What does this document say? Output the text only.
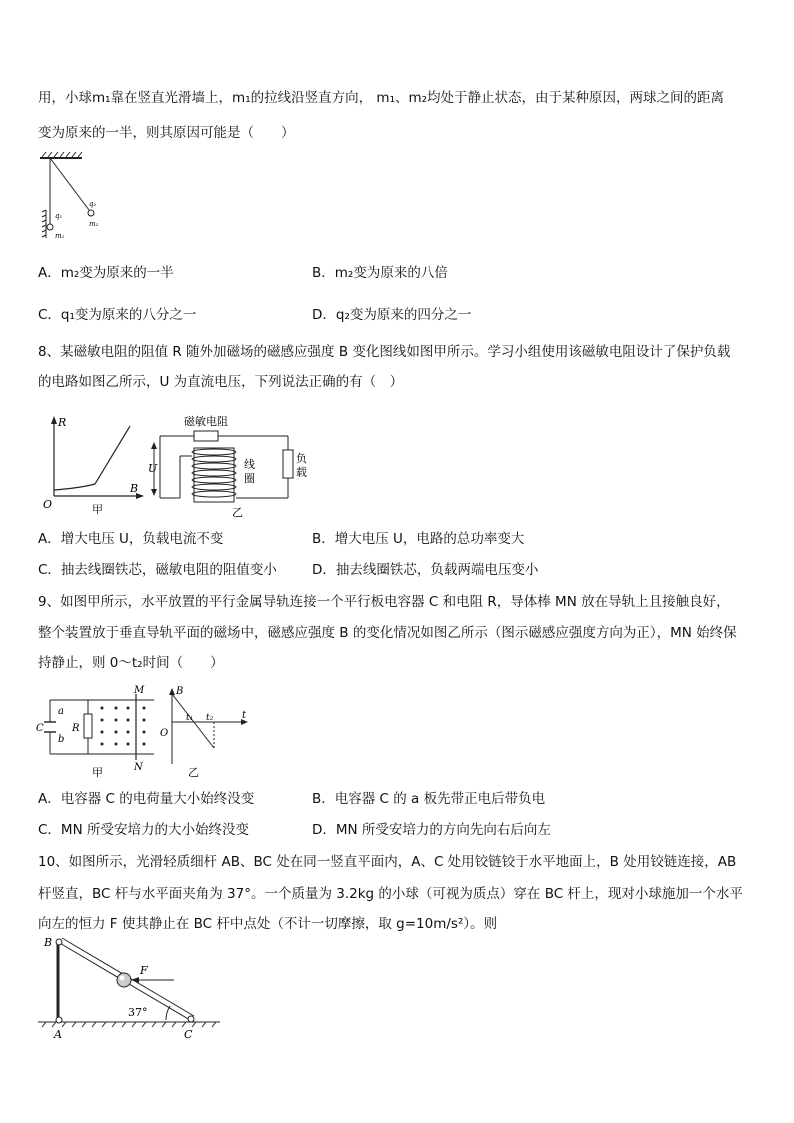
用，小球m₁靠在竖直光滑墙上，m₁的拉线沿竖直方向， m₁、m₂均处于静止状态，由于某种原因，两球之间的距离
变为原来的一半，则其原因可能是（　　）
q₁
m₁
q₂
m₂
A．m₂变为原来的一半	B．m₂变为原来的八倍
C．q₁变为原来的八分之一	D．q₂变为原来的四分之一
8、某磁敏电阻的阻值 R 随外加磁场的磁感应强度 B 变化图线如图甲所示。学习小组使用该磁敏电阻设计了保护负载
的电路如图乙所示，U 为直流电压，下列说法正确的有（　）
R
B
O	甲
磁敏电阻
负
载
U	线
圈
乙
A．增大电压 U，负载电流不变	B．增大电压 U，电路的总功率变大
C．抽去线圈铁芯，磁敏电阻的阻值变小	D．抽去线圈铁芯，负载两端电压变小
9、如图甲所示，水平放置的平行金属导轨连接一个平行板电容器 C 和电阻 R，导体棒 MN 放在导轨上且接触良好，
整个装置放于垂直导轨平面的磁场中，磁感应强度 B 的变化情况如图乙所示（图示磁感应强度方向为正），MN 始终保
持静止，则 0～t₂时间（　　）
C
a
b
R
M
N
甲
B
O
t₁ t₂	t
乙
A．电容器 C 的电荷量大小始终没变	B．电容器 C 的 a 板先带正电后带负电
C．MN 所受安培力的大小始终没变	D．MN 所受安培力的方向先向右后向左
10、如图所示，光滑轻质细杆 AB、BC 处在同一竖直平面内，A、C 处用铰链铰于水平地面上，B 处用铰链连接，AB
杆竖直，BC 杆与水平面夹角为 37°。一个质量为 3.2kg 的小球（可视为质点）穿在 BC 杆上，现对小球施加一个水平
向左的恒力 F 使其静止在 BC 杆中点处（不计一切摩擦，取 g=10m/s²）。则
F
37°
B
A	C
